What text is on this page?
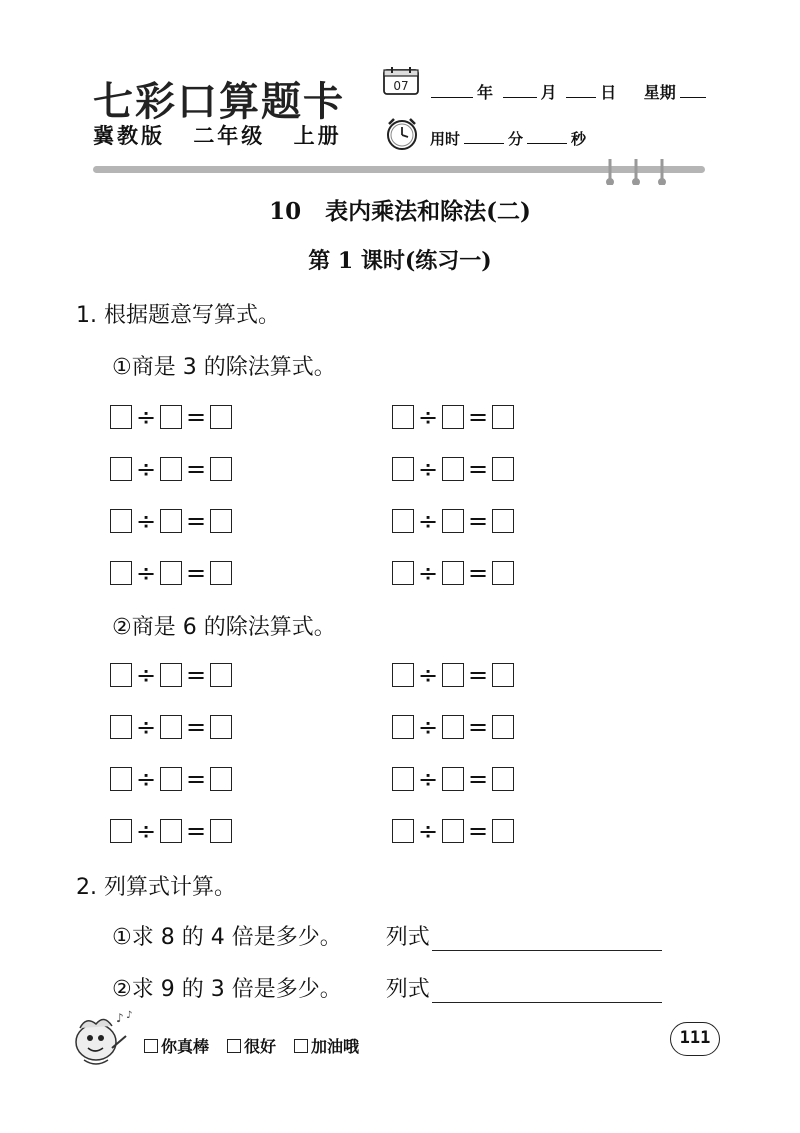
七彩口算题卡
冀教版 二年级 上册
07	年	月	日 星期
用时	分	秒
10 表内乘法和除法(二)
第 1 课时(练习一)
1. 根据题意写算式。
①商是 3 的除法算式。
÷ =	÷ =
÷ =	÷ =
÷ =	÷ =
÷ =	÷ =
②商是 6 的除法算式。
÷ =	÷ =
÷ =	÷ =
÷ =	÷ =
÷ =	÷ =
2. 列算式计算。
①求 8 的 4 倍是多少。 列式
②求 9 的 3 倍是多少。 列式
♪ ♪
你真棒 很好 加油哦	111
